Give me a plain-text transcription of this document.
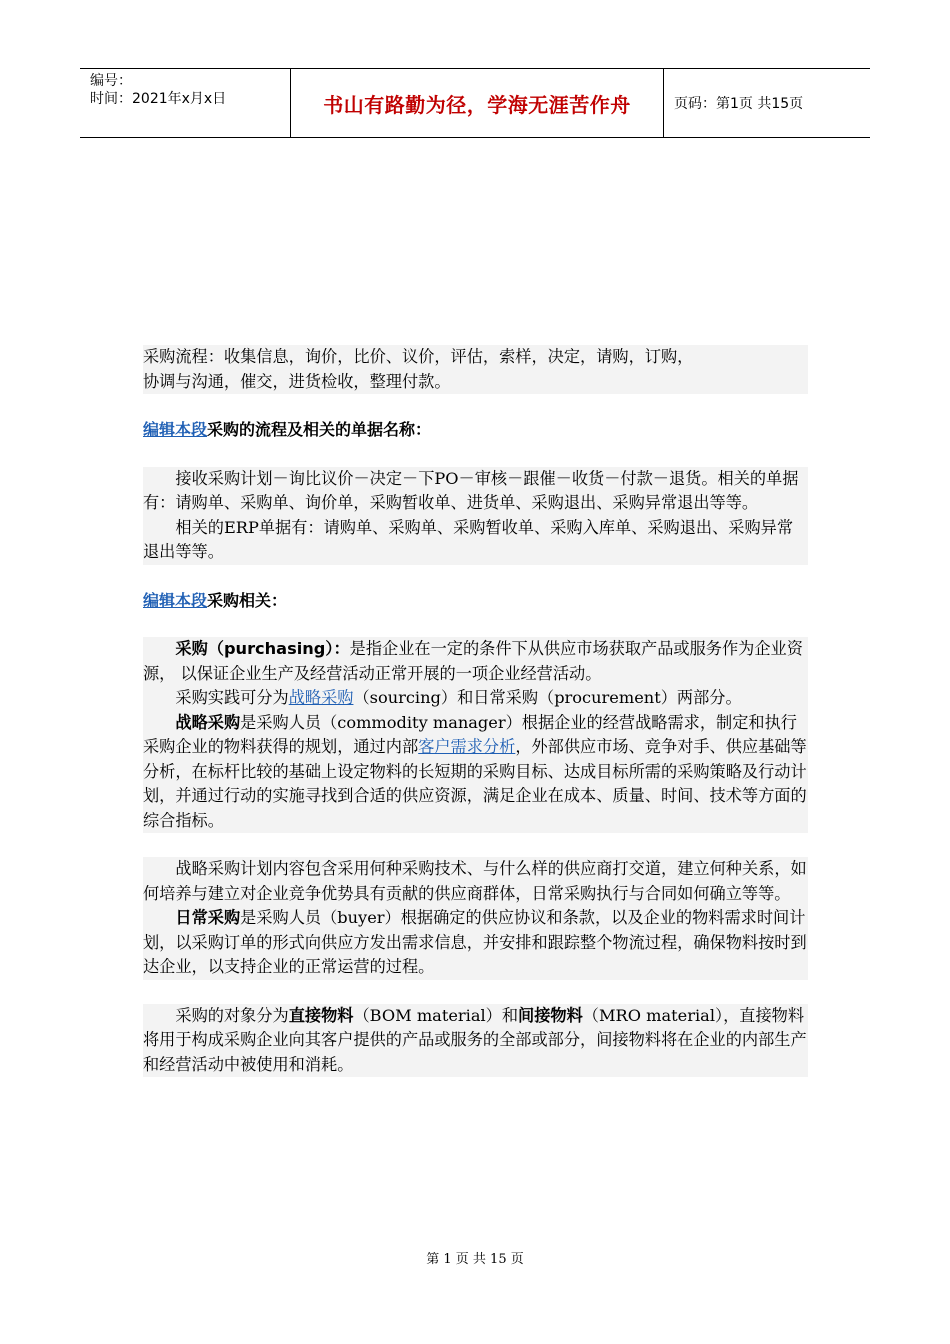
编号：
时间：2021年x月x日	书山有路勤为径，学海无涯苦作舟	页码：第1页 共15页

采购流程：收集信息，询价，比价、议价，评估，索样，决定，请购，订购，
协调与沟通，催交，进货检收，整理付款。

编辑本段采购的流程及相关的单据名称：

接收采购计划－询比议价－决定－下PO－审核－跟催－收货－付款－退货。相关的单据有：请购单、采购单、询价单，采购暂收单、进货单、采购退出、采购异常退出等等。

相关的ERP单据有：请购单、采购单、采购暂收单、采购入库单、采购退出、采购异常退出等等。

编辑本段采购相关：

采购（purchasing）：是指企业在一定的条件下从供应市场获取产品或服务作为企业资源， 以保证企业生产及经营活动正常开展的一项企业经营活动。

采购实践可分为战略采购（sourcing）和日常采购（procurement）两部分。

战略采购是采购人员（commodity manager）根据企业的经营战略需求，制定和执行采购企业的物料获得的规划，通过内部客户需求分析，外部供应市场、竞争对手、供应基础等分析，在标杆比较的基础上设定物料的长短期的采购目标、达成目标所需的采购策略及行动计划，并通过行动的实施寻找到合适的供应资源，满足企业在成本、质量、时间、技术等方面的综合指标。

战略采购计划内容包含采用何种采购技术、与什么样的供应商打交道，建立何种关系，如何培养与建立对企业竞争优势具有贡献的供应商群体，日常采购执行与合同如何确立等等。

日常采购是采购人员（buyer）根据确定的供应协议和条款，以及企业的物料需求时间计划，以采购订单的形式向供应方发出需求信息，并安排和跟踪整个物流过程，确保物料按时到达企业，以支持企业的正常运营的过程。

采购的对象分为直接物料（BOM material）和间接物料（MRO material），直接物料将用于构成采购企业向其客户提供的产品或服务的全部或部分，间接物料将在企业的内部生产和经营活动中被使用和消耗。

第 1 页 共 15 页
